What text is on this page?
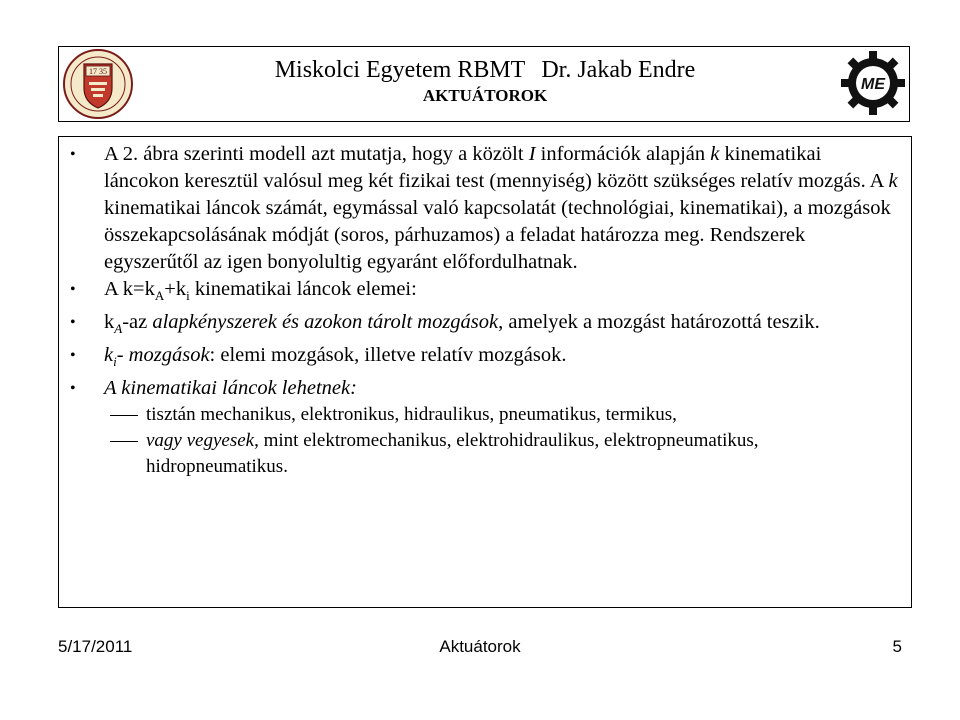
17 35	Miskolci Egyetem RBMT Dr. Jakab Endre
AKTUÁTOROK
ME
• A 2. ábra szerinti modell azt mutatja, hogy a közölt I információk alapján k kinematikai láncokon keresztül valósul meg két fizikai test (mennyiség) között szükséges relatív mozgás. A k kinematikai láncok számát, egymással való kapcsolatát (technológiai, kinematikai), a mozgások összekapcsolásának módját (soros, párhuzamos) a feladat határozza meg. Rendszerek egyszerűtől az igen bonyolultig egyaránt előfordulhatnak.
• A $k=k_A+k_i$ kinematikai láncok elemei:
• $k_A-az$ alapkényszerek és azokon tárolt mozgások, amelyek a mozgást határozottá teszik.
• $k_i-$ mozgások: elemi mozgások, illetve relatív mozgások.
• A kinematikai láncok lehetnek:
tisztán mechanikus, elektronikus, hidraulikus, pneumatikus, termikus,
vagy vegyesek, mint elektromechanikus, elektrohidraulikus, elektropneumatikus, hidropneumatikus.
5/17/2011	Aktuátorok	5
